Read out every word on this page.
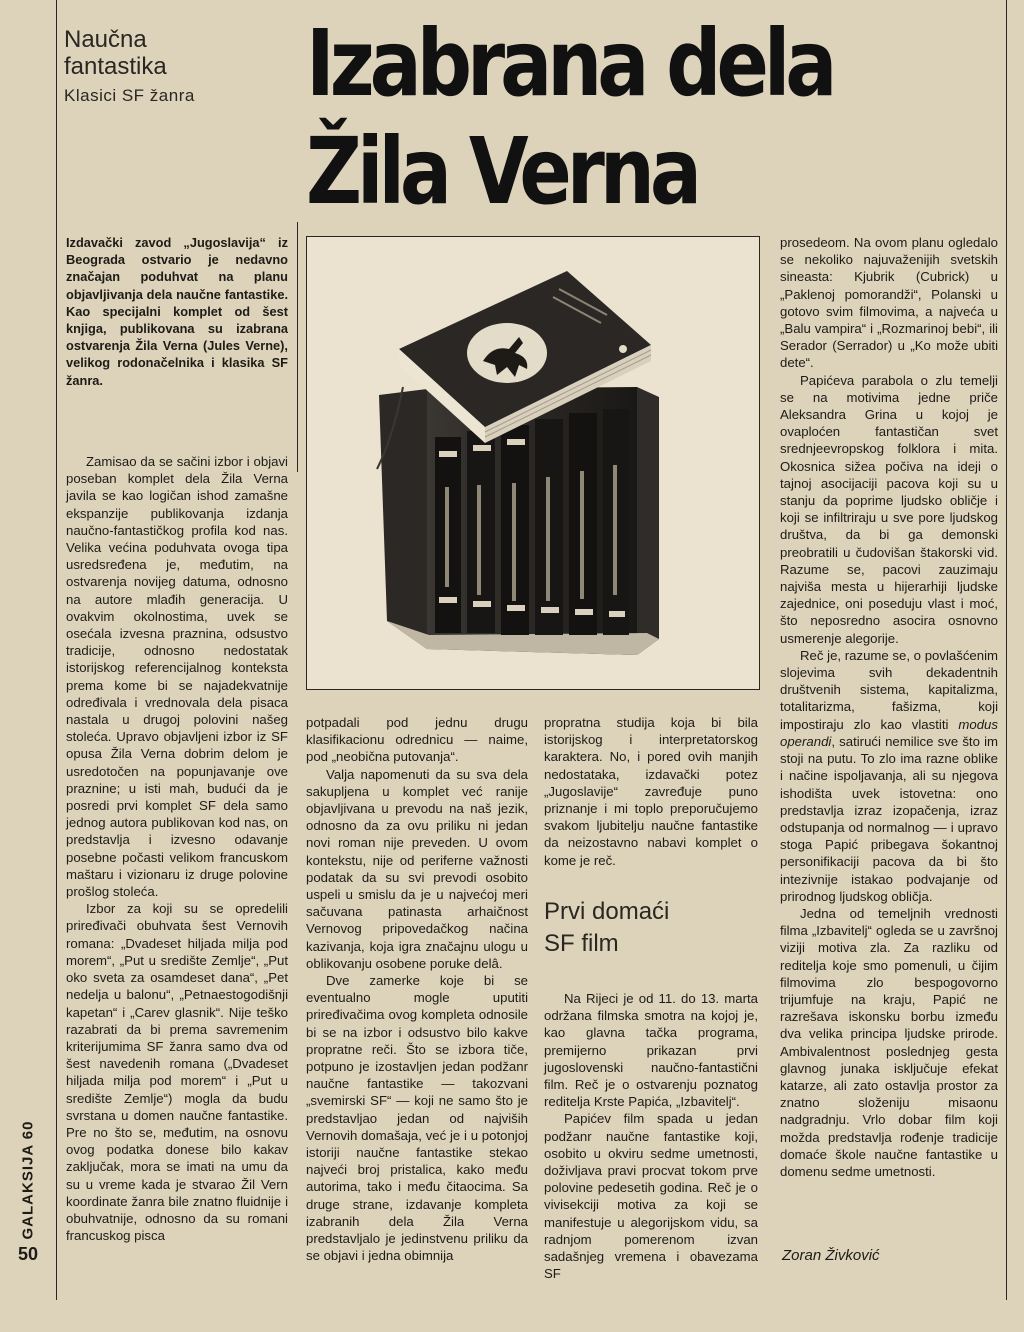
Naučna
fantastika
Klasici SF žanra	Izabrana dela
Žila Verna
Izdavački zavod „Jugoslavija“ iz Beograda ostvario je nedavno značajan poduhvat na planu objavljivanja dela naučne fantastike. Kao specijalni komplet od šest knjiga, publikovana su izabrana ostvarenja Žila Verna (Jules Verne), velikog rodonačelnika i klasika SF žanra.

Zamisao da se sačini izbor i objavi poseban komplet dela Žila Verna javila se kao logičan ishod zamašne ekspanzije publikovanja izdanja naučno-fantastičkog profila kod nas. Velika većina poduhvata ovoga tipa usredsređena je, međutim, na ostvarenja novijeg datuma, odnosno na autore mlađih generacija. U ovakvim okolnostima, uvek se osećala izvesna praznina, odsustvo tradicije, odnosno nedostatak istorijskog referencijalnog konteksta prema kome bi se najadekvatnije određivala i vrednovala dela pisaca nastala u drugoj polovini našeg stoleća. Upravo objavljeni izbor iz SF opusa Žila Verna dobrim delom je usredotočen na popunjavanje ove praznine; u isti mah, budući da je posredi prvi komplet SF dela samo jednog autora publikovan kod nas, on predstavlja i izvesno odavanje posebne počasti velikom francuskom maštaru i vizionaru iz druge polovine prošlog stoleća.

Izbor za koji su se opredelili priređivači obuhvata šest Vernovih romana: „Dvadeset hiljada milja pod morem“, „Put u središte Zemlje“, „Put oko sveta za osamdeset dana“, „Pet nedelja u balonu“, „Petnaestogodišnji kapetan“ i „Carev glasnik“. Nije teško razabrati da bi prema savremenim kriterijumima SF žanra samo dva od šest navedenih romana („Dvadeset hiljada milja pod morem“ i „Put u središte Zemlje“) mogla da budu svrstana u domen naučne fantastike. Pre no što se, međutim, na osnovu ovog podatka donese bilo kakav zaključak, mora se imati na umu da su u vreme kada je stvarao Žil Vern koordinate žanra bile znatno fluidnije i obuhvatnije, odnosno da su romani francuskog pisca

potpadali pod jednu drugu klasifikacionu odrednicu — naime, pod „neobična putovanja“.

Valja napomenuti da su sva dela sakupljena u komplet već ranije objavljivana u prevodu na naš jezik, odnosno da za ovu priliku ni jedan novi roman nije preveden. U ovom kontekstu, nije od periferne važnosti podatak da su svi prevodi osobito uspeli u smislu da je u najvećoj meri sačuvana patinasta arhaičnost Vernovog pripovedačkog načina kazivanja, koja igra značajnu ulogu u oblikovanju osobene poruke delâ.

Dve zamerke koje bi se eventualno mogle uputiti priređivačima ovog kompleta odnosile bi se na izbor i odsustvo bilo kakve propratne reči. Što se izbora tiče, potpuno je izostavljen jedan podžanr naučne fantastike — takozvani „svemirski SF“ — koji ne samo što je predstavljao jedan od najviših Vernovih domašaja, već je i u potonjoj istoriji naučne fantastike stekao najveći broj pristalica, kako među autorima, tako i među čitaocima. Sa druge strane, izdavanje kompleta izabranih dela Žila Verna predstavljalo je jedinstvenu priliku da se objavi i jedna obimnija

propratna studija koja bi bila istorijskog i interpretatorskog karaktera. No, i pored ovih manjih nedostataka, izdavački potez „Jugoslavije“ zavređuje puno priznanje i mi toplo preporučujemo svakom ljubitelju naučne fantastike da neizostavno nabavi komplet o kome je reč.

Prvi domaći
SF film

Na Rijeci je od 11. do 13. marta održana filmska smotra na kojoj je, kao glavna tačka programa, premijerno prikazan prvi jugoslovenski naučno-fantastični film. Reč je o ostvarenju poznatog reditelja Krste Papića, „Izbavitelj“.

Papićev film spada u jedan podžanr naučne fantastike koji, osobito u okviru sedme umetnosti, doživljava pravi procvat tokom prve polovine pedesetih godina. Reč je o vivisekciji motiva za koji se manifestuje u alegorijskom vidu, sa radnjom pomerenom izvan sadašnjeg vremena i obavezama SF

prosedeom. Na ovom planu ogledalo se nekoliko najuvaženijih svetskih sineasta: Kjubrik (Cubrick) u „Paklenoj pomorandži“, Polanski u gotovo svim filmovima, a najveća u „Balu vampira“ i „Rozmarinoj bebi“, ili Serador (Serrador) u „Ko može ubiti dete“.

Papićeva parabola o zlu temelji se na motivima jedne priče Aleksandra Grina u kojoj je ovaploćen fantastičan svet srednjeevropskog folklora i mita. Okosnica sižea počiva na ideji o tajnoj asocijaciji pacova koji su u stanju da poprime ljudsko obličje i koji se infiltriraju u sve pore ljudskog društva, da bi ga demonski preobratili u čudovišan štakorski vid. Razume se, pacovi zauzimaju najviša mesta u hijerarhiji ljudske zajednice, oni poseduju vlast i moć, što neposredno asocira osnovno usmerenje alegorije.

Reč je, razume se, o povlašćenim slojevima svih dekadentnih društvenih sistema, kapitalizma, totalitarizma, fašizma, koji impostiraju zlo kao vlastiti modus operandi, satirući nemilice sve što im stoji na putu. To zlo ima razne oblike i načine ispoljavanja, ali su njegova ishodišta uvek istovetna: ono predstavlja izraz izopačenja, izraz odstupanja od normalnog — i upravo stoga Papić pribegava šokantnoj personifikaciji pacova da bi što intezivnije istakao podvajanje od prirodnog ljudskog obličja.

Jedna od temeljnih vrednosti filma „Izbavitelj“ ogleda se u završnoj viziji motiva zla. Za razliku od reditelja koje smo pomenuli, u čijim filmovima zlo bespogovorno trijumfuje na kraju, Papić ne razrešava iskonsku borbu između dva velika principa ljudske prirode. Ambivalentnost poslednjeg gesta glavnog junaka isključuje efekat katarze, ali zato ostavlja prostor za znatno složeniju misaonu nadgradnju. Vrlo dobar film koji možda predstavlja rođenje tradicije domaće škole naučne fantastike u domenu sedme umetnosti.

Zoran Živković
GALAKSIJA 60
50
